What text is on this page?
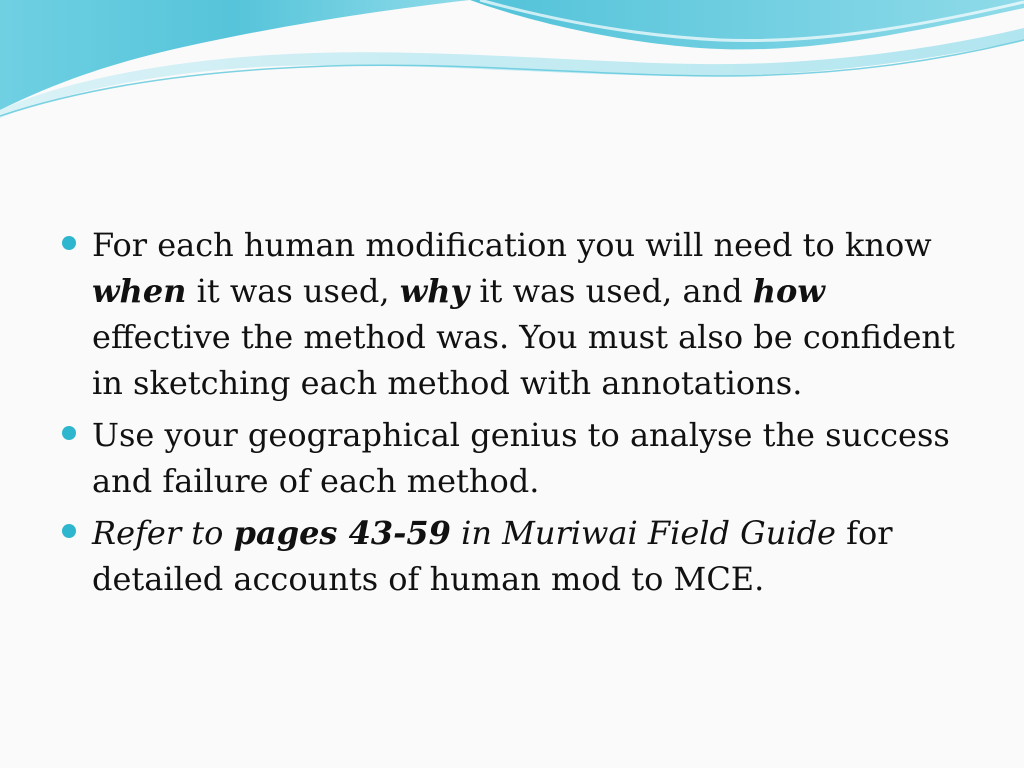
For each human modification you will need to know when it was used, why it was used, and how effective the method was. You must also be confident in sketching each method with annotations.
Use your geographical genius to analyse the success and failure of each method.
Refer to pages 43-59 in Muriwai Field Guide for detailed accounts of human mod to MCE.
